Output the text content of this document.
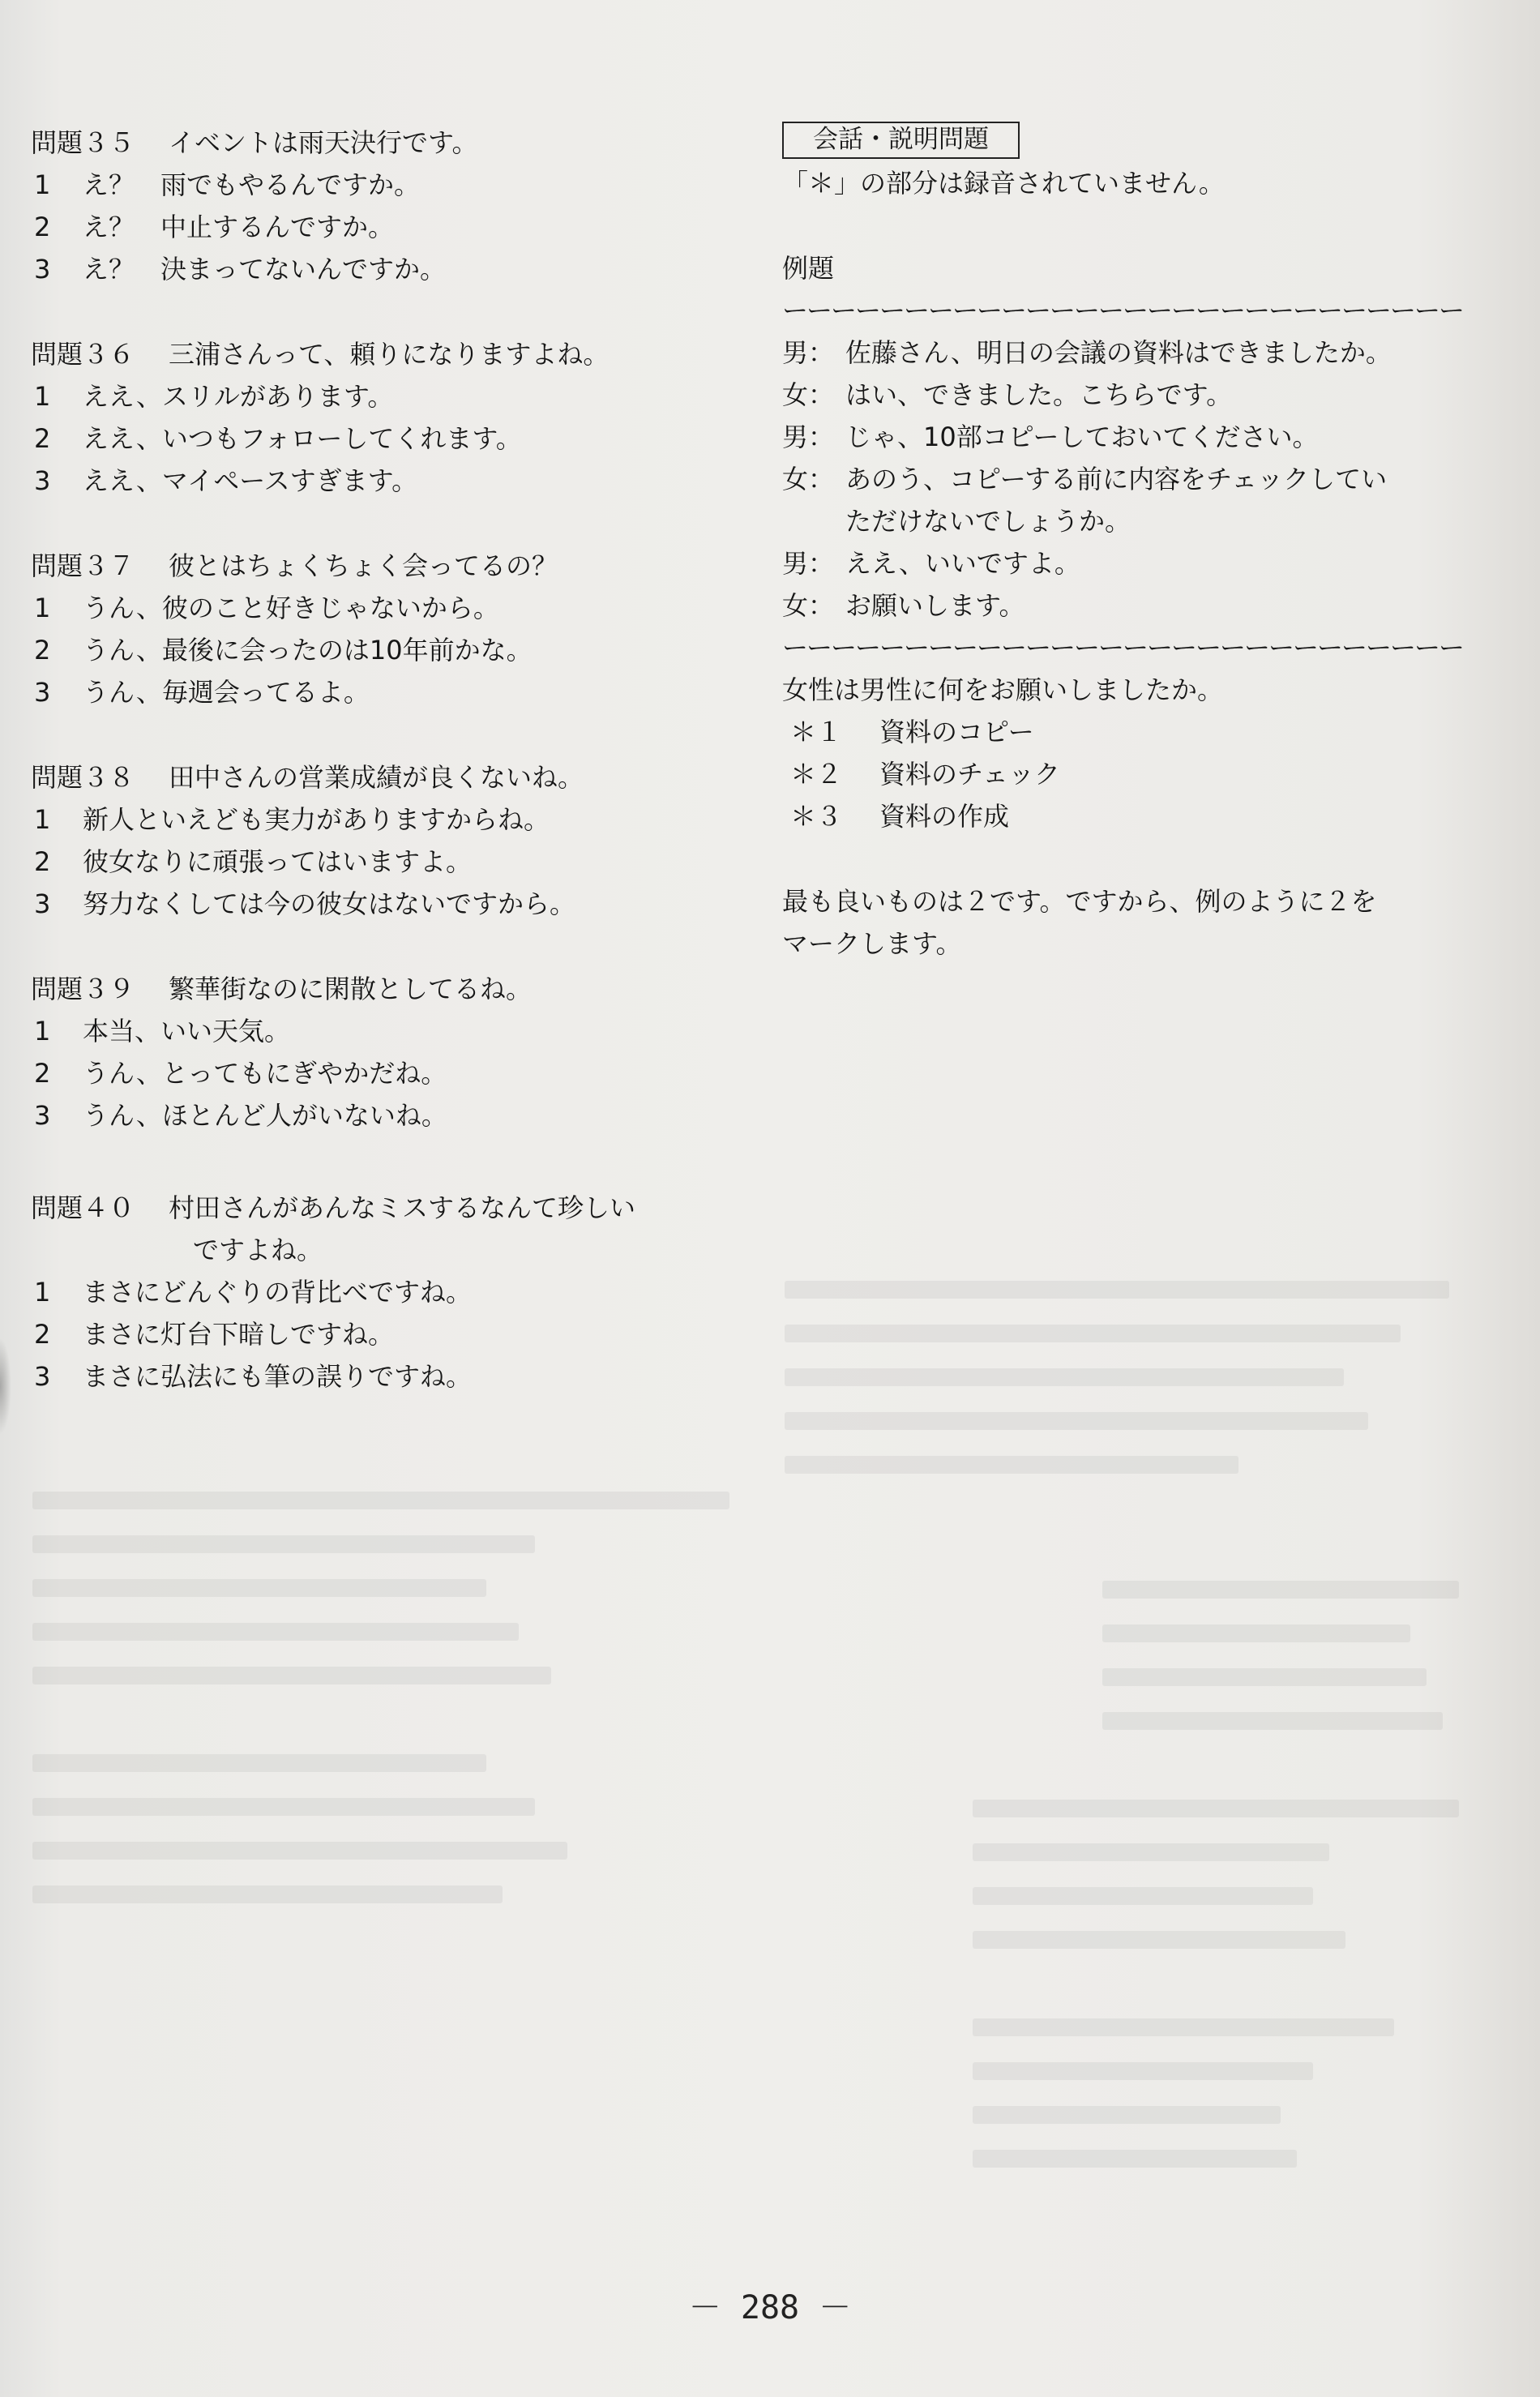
問題３５	イベントは雨天決行です。
1	え？　雨でもやるんですか。
2	え？　中止するんですか。
3	え？　決まってないんですか。
問題３６	三浦さんって、頼りになりますよね。
1	ええ、スリルがあります。
2	ええ、いつもフォローしてくれます。
3	ええ、マイペースすぎます。
問題３７	彼とはちょくちょく会ってるの？
1	うん、彼のこと好きじゃないから。
2	うん、最後に会ったのは10年前かな。
3	うん、毎週会ってるよ。
問題３８	田中さんの営業成績が良くないね。
1	新人といえども実力がありますからね。
2	彼女なりに頑張ってはいますよ。
3	努力なくしては今の彼女はないですから。
問題３９	繁華街なのに閑散としてるね。
1	本当、いい天気。
2	うん、とってもにぎやかだね。
3	うん、ほとんど人がいないね。
問題４０	村田さんがあんなミスするなんて珍しい
ですよね。
1	まさにどんぐりの背比べですね。
2	まさに灯台下暗しですね。
3	まさに弘法にも筆の誤りですね。
会話・説明問題
「＊」の部分は録音されていません。
例題
ーーーーーーーーーーーーーーーーーーーーーーーーーーーー
男： 佐藤さん、明日の会議の資料はできましたか。
女： はい、できました。こちらです。
男： じゃ、10部コピーしておいてください。
女： あのう、コピーする前に内容をチェックしてい
ただけないでしょうか。
男： ええ、いいですよ。
女： お願いします。
ーーーーーーーーーーーーーーーーーーーーーーーーーーーー
女性は男性に何をお願いしましたか。
＊１	資料のコピー
＊２	資料のチェック
＊３	資料の作成
最も良いものは２です。ですから、例のように２を
マークします。
－ 288 －
